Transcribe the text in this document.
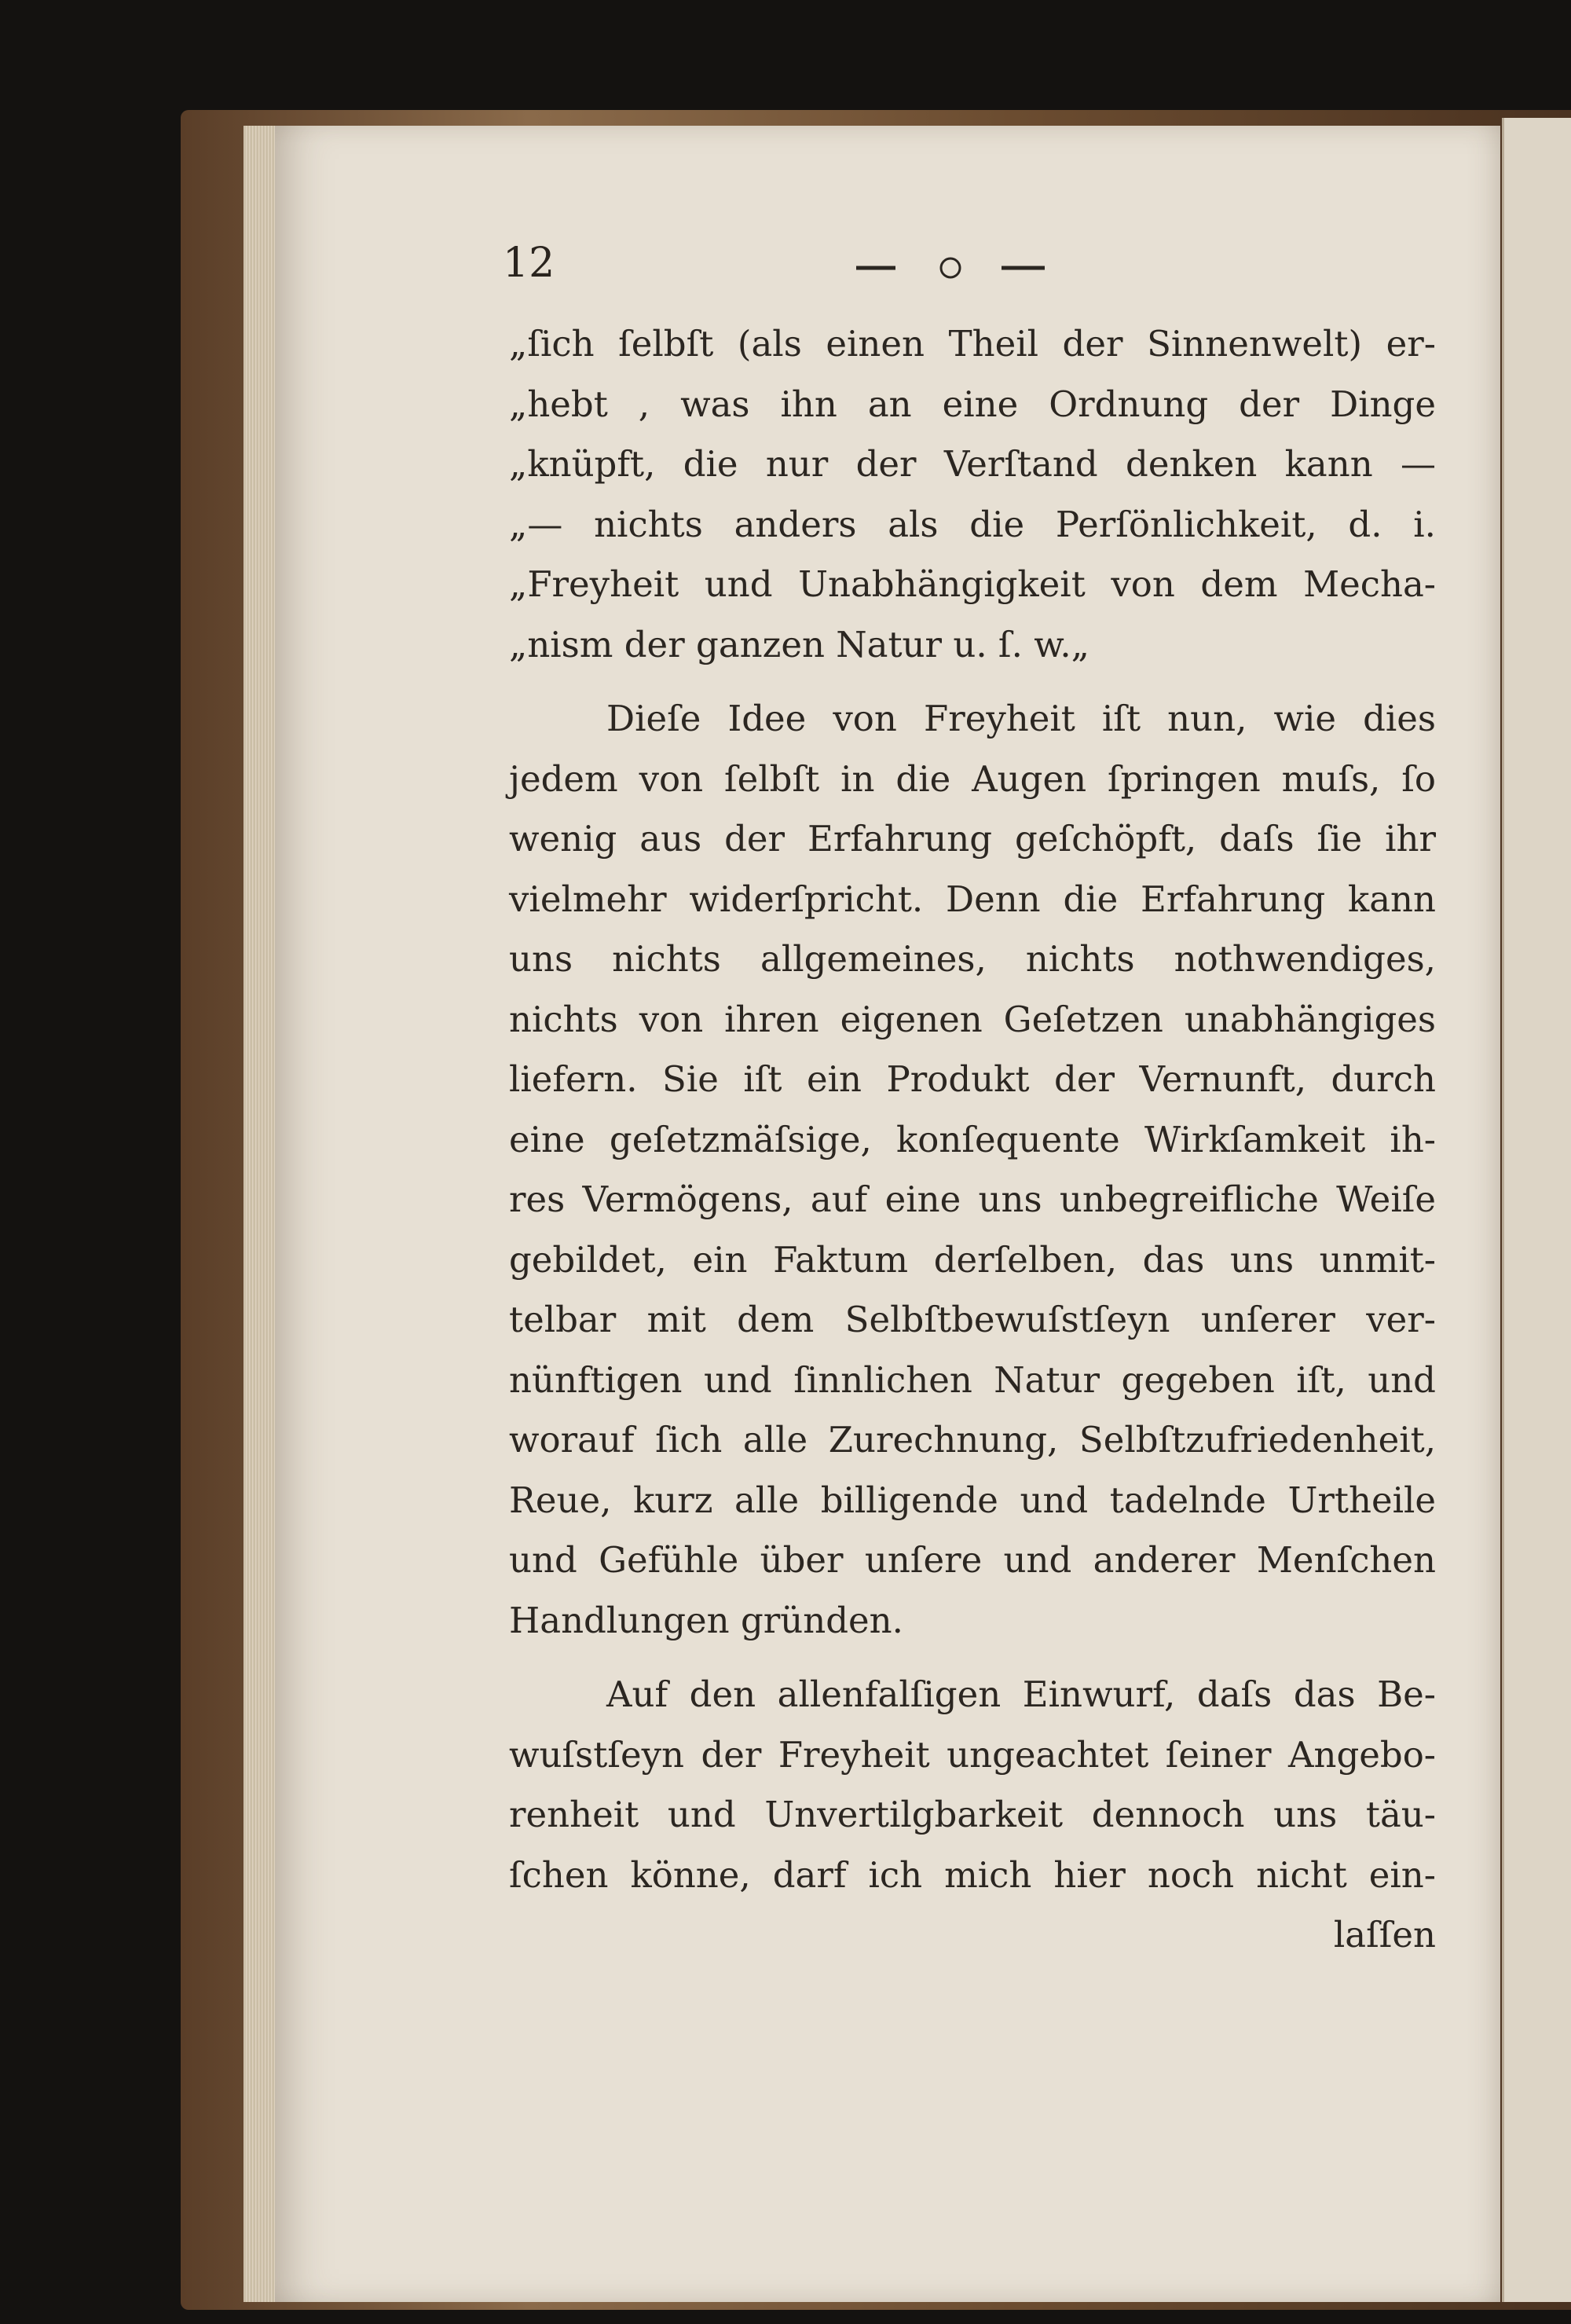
12
„ſich ſelbſt (als einen Theil der Sinnenwelt) er-
„hebt , was ihn an eine Ordnung der Dinge
„knüpft, die nur der Verſtand denken kann —
„— nichts anders als die Perſönlichkeit, d. i.
„Freyheit und Unabhängigkeit von dem Mecha-
„nism der ganzen Natur u. ſ. w.„
Dieſe Idee von Freyheit iſt nun, wie dies
jedem von ſelbſt in die Augen ſpringen muſs, ſo
wenig aus der Erfahrung geſchöpft, daſs ſie ihr
vielmehr widerſpricht. Denn die Erfahrung kann
uns nichts allgemeines, nichts nothwendiges,
nichts von ihren eigenen Geſetzen unabhängiges
liefern. Sie iſt ein Produkt der Vernunft, durch
eine geſetzmäſsige, konſequente Wirkſamkeit ih-
res Vermögens, auf eine uns unbegreifliche Weiſe
gebildet, ein Faktum derſelben, das uns unmit-
telbar mit dem Selbſtbewuſstſeyn unſerer ver-
nünftigen und ſinnlichen Natur gegeben iſt, und
worauf ſich alle Zurechnung, Selbſtzufriedenheit,
Reue, kurz alle billigende und tadelnde Urtheile
und Gefühle über unſere und anderer Menſchen
Handlungen gründen.
Auf den allenfalſigen Einwurf, daſs das Be-
wuſstſeyn der Freyheit ungeachtet ſeiner Angebo-
renheit und Unvertilgbarkeit dennoch uns täu-
ſchen könne, darf ich mich hier noch nicht ein-
laſſen
